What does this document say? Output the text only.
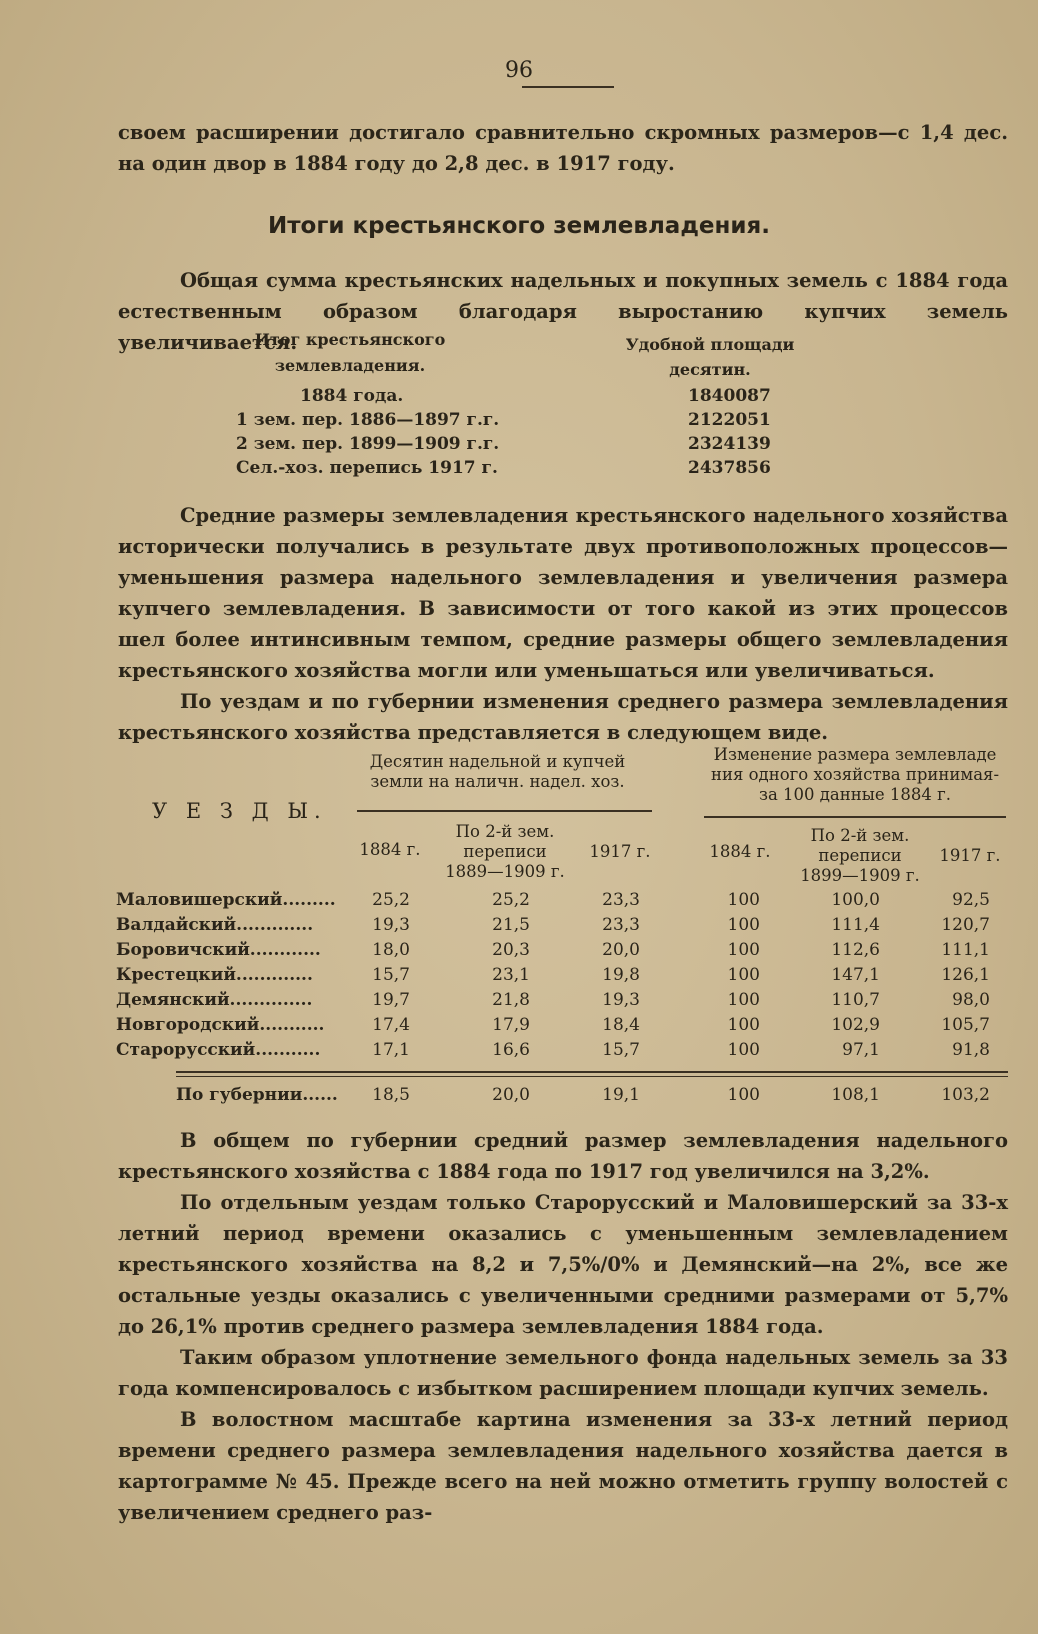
96
своем расширении достигало сравнительно скромных размеров—с 1,4 дес. на один двор в 1884 году до 2,8 дес. в 1917 году.
Итоги крестьянского землевладения.
Общая сумма крестьянских надельных и покупных земель с 1884 года естественным образом благодаря выростанию купчих земель увеличивается.
Итог крестьянского
землевладения.
Удобной площади
десятин.
1884 года.	1840087
1 зем. пер. 1886—1897 г.г.	2122051
2 зем. пер. 1899—1909 г.г.	2324139
Сел.-хоз. перепись 1917 г.	2437856
Средние размеры землевладения крестьянского надельного хозяйства исторически получались в результате двух противоположных процессов—уменьшения размера надельного землевладения и увеличения размера купчего землевладения. В зависимости от того какой из этих процессов шел более интинсивным темпом, средние размеры общего землевладения крестьянского хозяйства могли или уменьшаться или увеличиваться.
По уездам и по губернии изменения среднего размера землевладения крестьянского хозяйства представляется в следующем виде.
У Е З Д Ы.
Десятин надельной и купчей
земли на наличн. надел. хоз.
Изменение размера землевладе
ния одного хозяйства принимая-
за 100 данные 1884 г.
1884 г.
По 2-й зем.
переписи
1889—1909 г.
1917 г.	1884 г.
По 2-й зем.
переписи
1899—1909 г.
1917 г.
Маловишерский.........	25,2	25,2	23,3	100	100,0	92,5
Валдайский.............	19,3	21,5	23,3	100	111,4	120,7
Боровичский............	18,0	20,3	20,0	100	112,6	111,1
Крестецкий.............	15,7	23,1	19,8	100	147,1	126,1
Демянский..............	19,7	21,8	19,3	100	110,7	98,0
Новгородский...........	17,4	17,9	18,4	100	102,9	105,7
Старорусский...........	17,1	16,6	15,7	100	97,1	91,8
По губернии......	18,5	20,0	19,1	100	108,1	103,2
В общем по губернии средний размер землевладения надельного крестьянского хозяйства с 1884 года по 1917 год увеличился на 3,2%.
По отдельным уездам только Старорусский и Маловишерский за 33-х летний период времени оказались с уменьшенным землевладением крестьянского хозяйства на 8,2 и 7,5%/0% и Демянский—на 2%, все же остальные уезды оказались с увеличенными средними размерами от 5,7% до 26,1% против среднего размера землевладения 1884 года.
Таким образом уплотнение земельного фонда надельных земель за 33 года компенсировалось с избытком расширением площади купчих земель.
В волостном масштабе картина изменения за 33-х летний период времени среднего размера землевладения надельного хозяйства дается в картограмме № 45. Прежде всего на ней можно отметить группу волостей с увеличением среднего раз-
